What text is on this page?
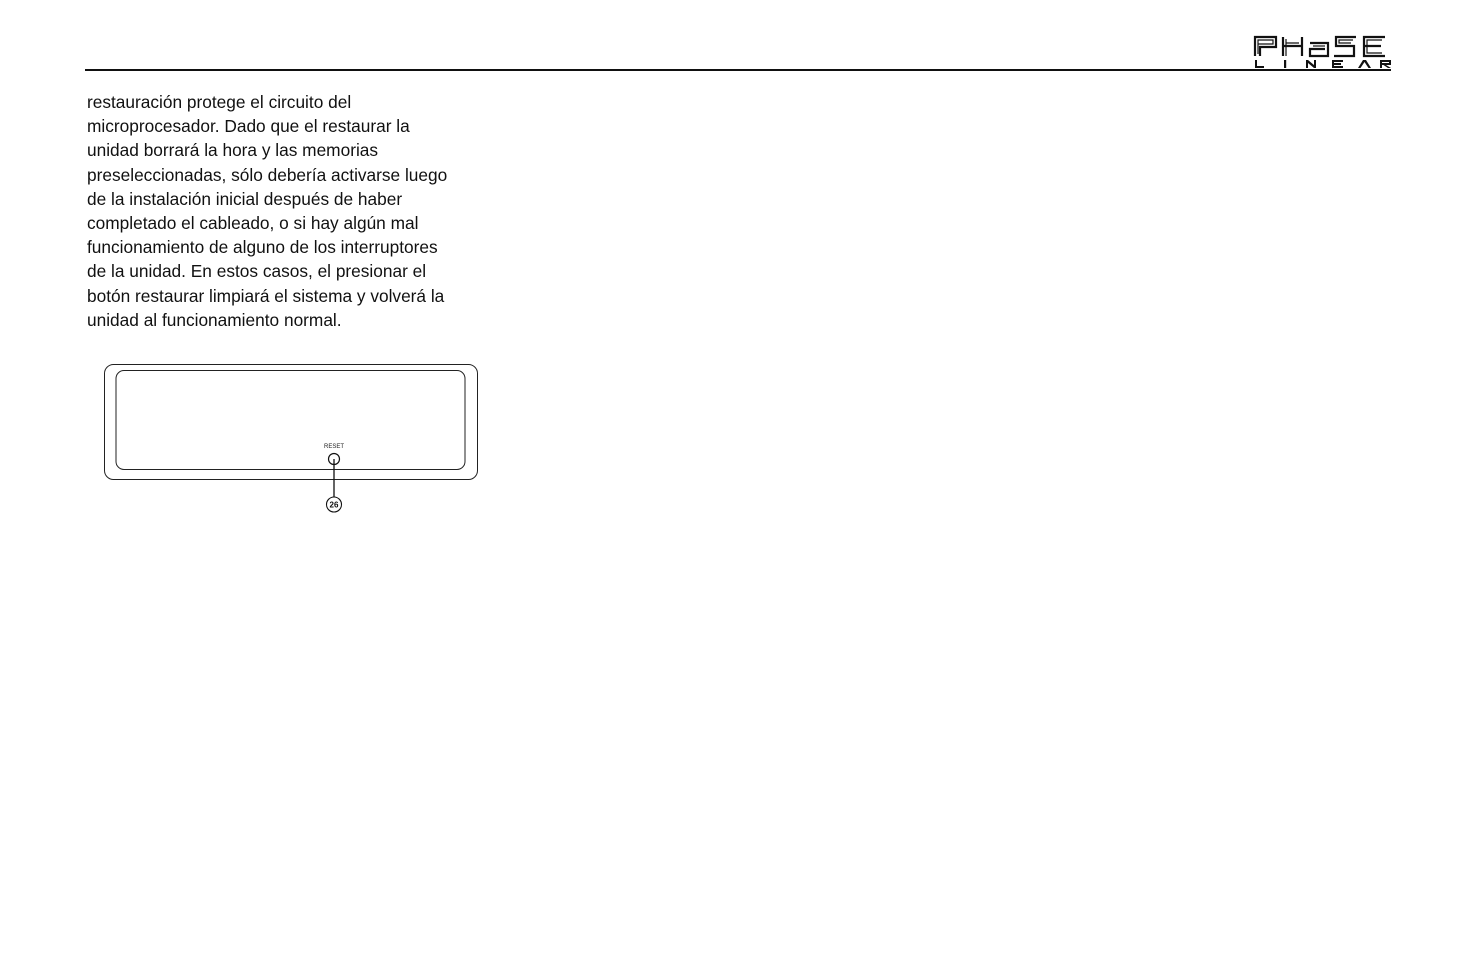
restauración protege el circuito del
microprocesador. Dado que el restaurar la
unidad borrará la hora y las memorias
preseleccionadas, sólo debería activarse luego
de la instalación inicial después de haber
completado el cableado, o si hay algún mal
funcionamiento de alguno de los interruptores
de la unidad. En estos casos, el presionar el
botón restaurar limpiará el sistema y volverá la
unidad al funcionamiento normal.

RESET
26
